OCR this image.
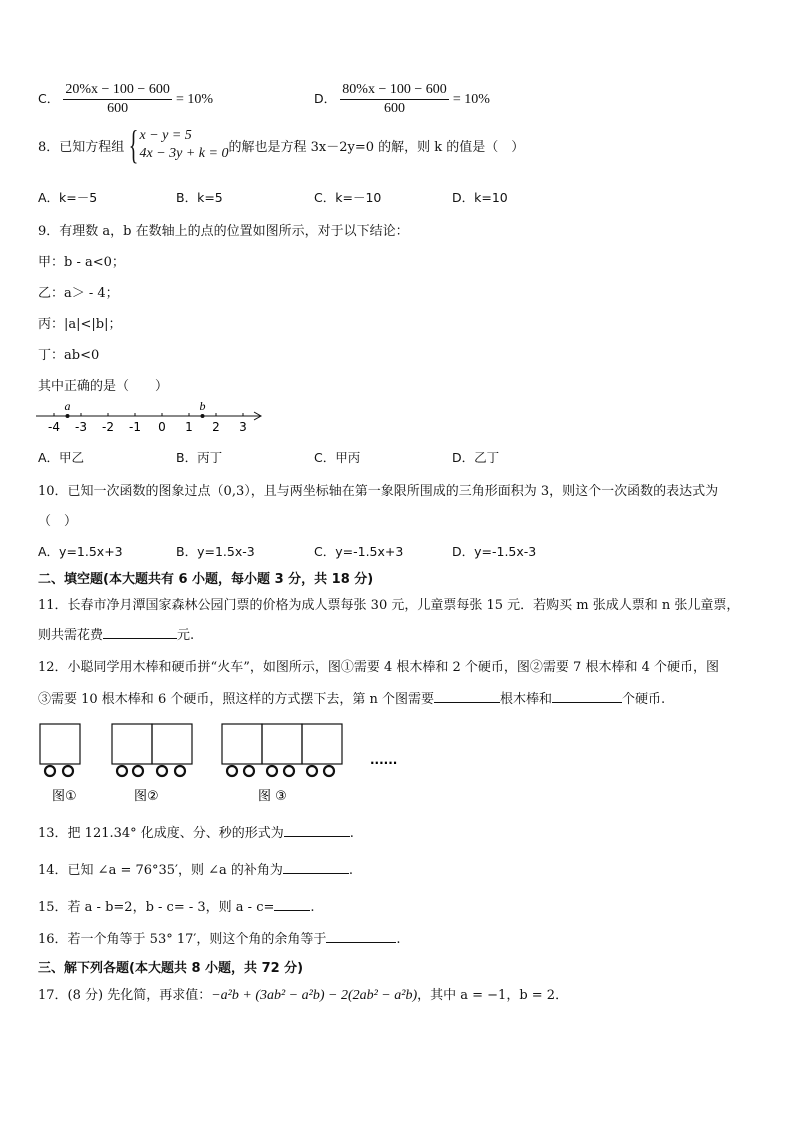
C． $\frac{20\%x - 100 - 600}{600} = 10\%$	D． $\frac{80\%x - 100 - 600}{600} = 10\%$
8．已知方程组 { x − y = 5
4x − 3y + k = 0 的解也是方程 3x－2y=0 的解，则 k 的值是（　）
A．k=－5	B．k=5	C．k=－10	D．k=10
9．有理数 a，b 在数轴上的点的位置如图所示，对于以下结论：
甲：b - a<0；
乙：a＞ - 4；
丙：|a|<|b|；
丁：ab<0
其中正确的是（　　）
-4 -3 -2 -1 0 1 2 3
a	b
A．甲乙	B．丙丁	C．甲丙	D．乙丁
10．已知一次函数的图象过点（0,3），且与两坐标轴在第一象限所围成的三角形面积为 3，则这个一次函数的表达式为
（　）
A．y=1.5x+3	B．y=1.5x-3	C．y=-1.5x+3	D．y=-1.5x-3
二、填空题(本大题共有 6 小题，每小题 3 分，共 18 分)
11．长春市净月潭国家森林公园门票的价格为成人票每张 30 元，儿童票每张 15 元．若购买 m 张成人票和 n 张儿童票，
则共需花费	元.
12．小聪同学用木棒和硬币拼“火车”，如图所示，图①需要 4 根木棒和 2 个硬币，图②需要 7 根木棒和 4 个硬币，图
③需要 10 根木棒和 6 个硬币，照这样的方式摆下去，第 n 个图需要	根木棒和	个硬币.
......
图①	图②	图 ③
13．把 121.34° 化成度、分、秒的形式为	.
14．已知 ∠a = 76°35′，则 ∠a 的补角为	.
15．若 a - b=2，b - c= - 3，则 a - c=	.
16．若一个角等于 53° 17′，则这个角的余角等于	.
三、解下列各题(本大题共 8 小题，共 72 分)
17．(8 分) 先化简，再求值：−a²b + (3ab² − a²b) − 2(2ab² − a²b)，其中 a = −1，b = 2．
